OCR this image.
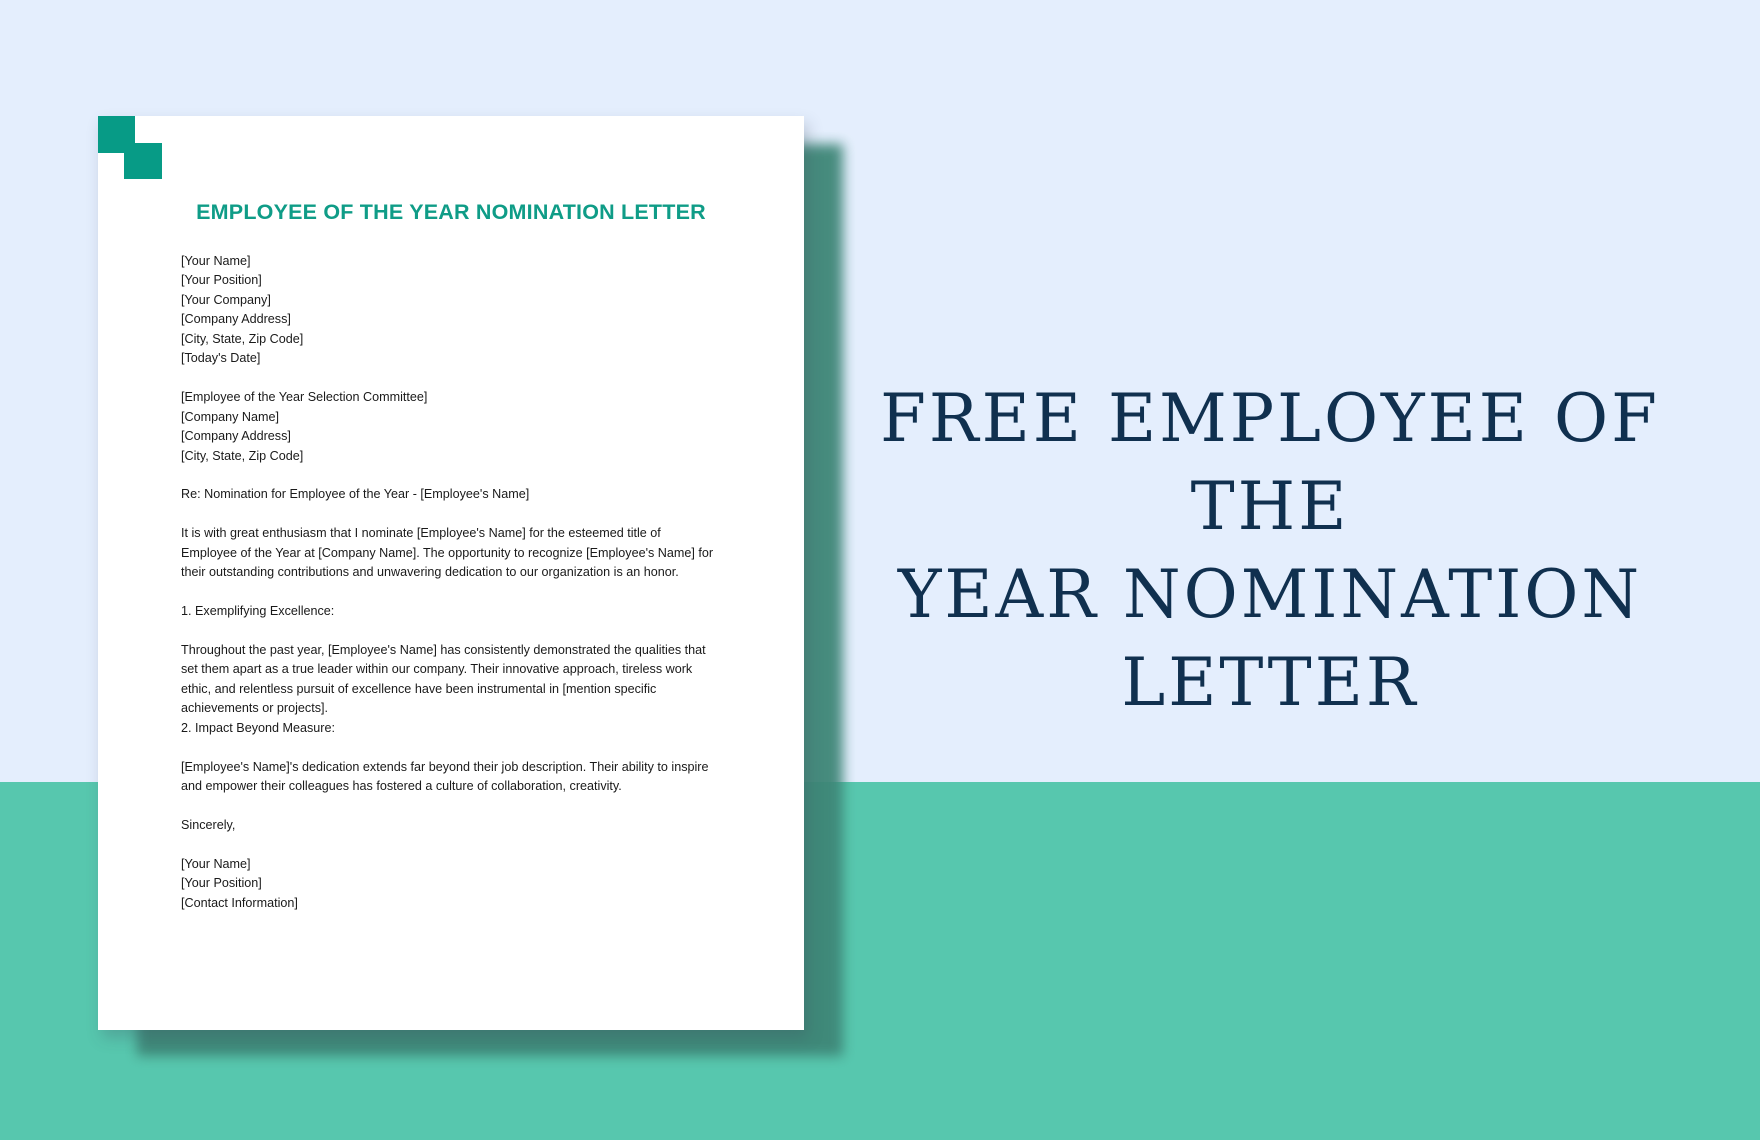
EMPLOYEE OF THE YEAR NOMINATION LETTER
[Your Name]
[Your Position]
[Your Company]
[Company Address]
[City, State, Zip Code]
[Today's Date]
[Employee of the Year Selection Committee]
[Company Name]
[Company Address]
[City, State, Zip Code]
Re: Nomination for Employee of the Year - [Employee's Name]
It is with great enthusiasm that I nominate [Employee's Name] for the esteemed title of
Employee of the Year at [Company Name]. The opportunity to recognize [Employee's Name] for
their outstanding contributions and unwavering dedication to our organization is an honor.
1. Exemplifying Excellence:
Throughout the past year, [Employee's Name] has consistently demonstrated the qualities that
set them apart as a true leader within our company. Their innovative approach, tireless work
ethic, and relentless pursuit of excellence have been instrumental in [mention specific
achievements or projects].
2. Impact Beyond Measure:
[Employee's Name]'s dedication extends far beyond their job description. Their ability to inspire
and empower their colleagues has fostered a culture of collaboration, creativity.
Sincerely,
[Your Name]
[Your Position]
[Contact Information]
FREE EMPLOYEE OF THE
YEAR NOMINATION
LETTER
